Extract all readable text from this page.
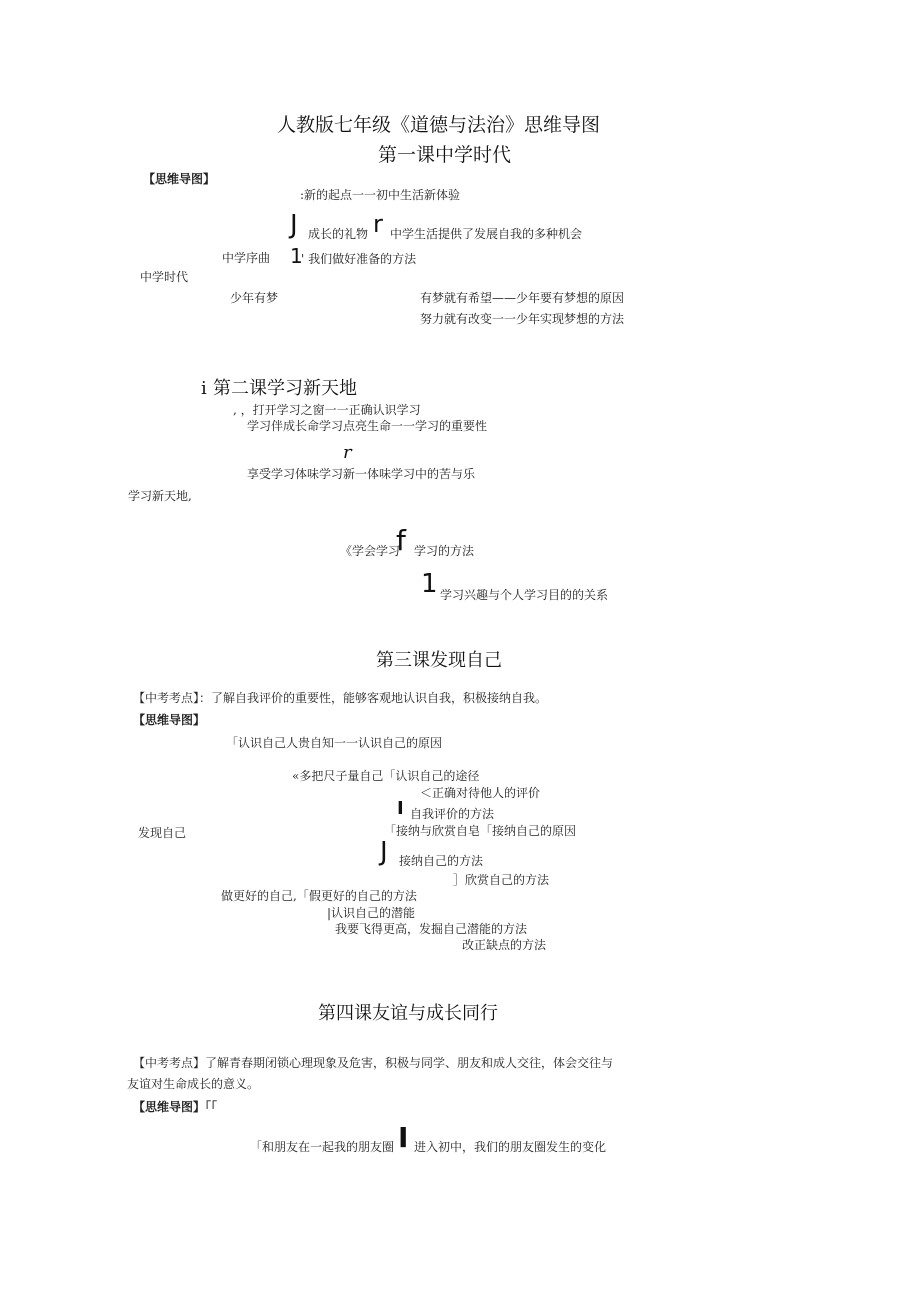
人教版七年级《道德与法治》思维导图
第一课中学时代
【思维导图】
:新的起点一一初中生活新体验
J 成长的礼物 r 中学生活提供了发展自我的多种机会
中学序曲 1
' 我们做好准备的方法
中学时代
少年有梦	有梦就有希望——少年要有梦想的原因
努力就有改变一一少年实现梦想的方法
i 第二课学习新天地
, ，打开学习之窗一一正确认识学习
学习伴成长命学习点亮生命一一学习的重要性
r
享受学习体味学习新一体味学习中的苦与乐
学习新天地,
《学会学习
f 学习的方法
1 学习兴趣与个人学习目的的关系
第三课发现自己
【中考考点】：了解自我评价的重要性，能够客观地认识自我，积极接纳自我。
【思维导图】
「认识自己人贵自知一一认识自己的原因
«多把尺子量自己「认识自己的途径
＜正确对待他人的评价
I 自我评价的方法
发现自己	「接纳与欣赏自皂「接纳自己的原因
J 接纳自己的方法
］欣赏自己的方法
做更好的自己,「假更好的自己的方法
|认识自己的潜能
我要飞得更高，发掘自己潜能的方法
改正缺点的方法
第四课友谊与成长同行
【中考考点】了解青春期闭锁心理现象及危害，积极与同学、朋友和成人交往，体会交往与
友谊对生命成长的意义。
【思维导图】「「
「和朋友在一起我的朋友圈 I 进入初中，我们的朋友圈发生的变化
